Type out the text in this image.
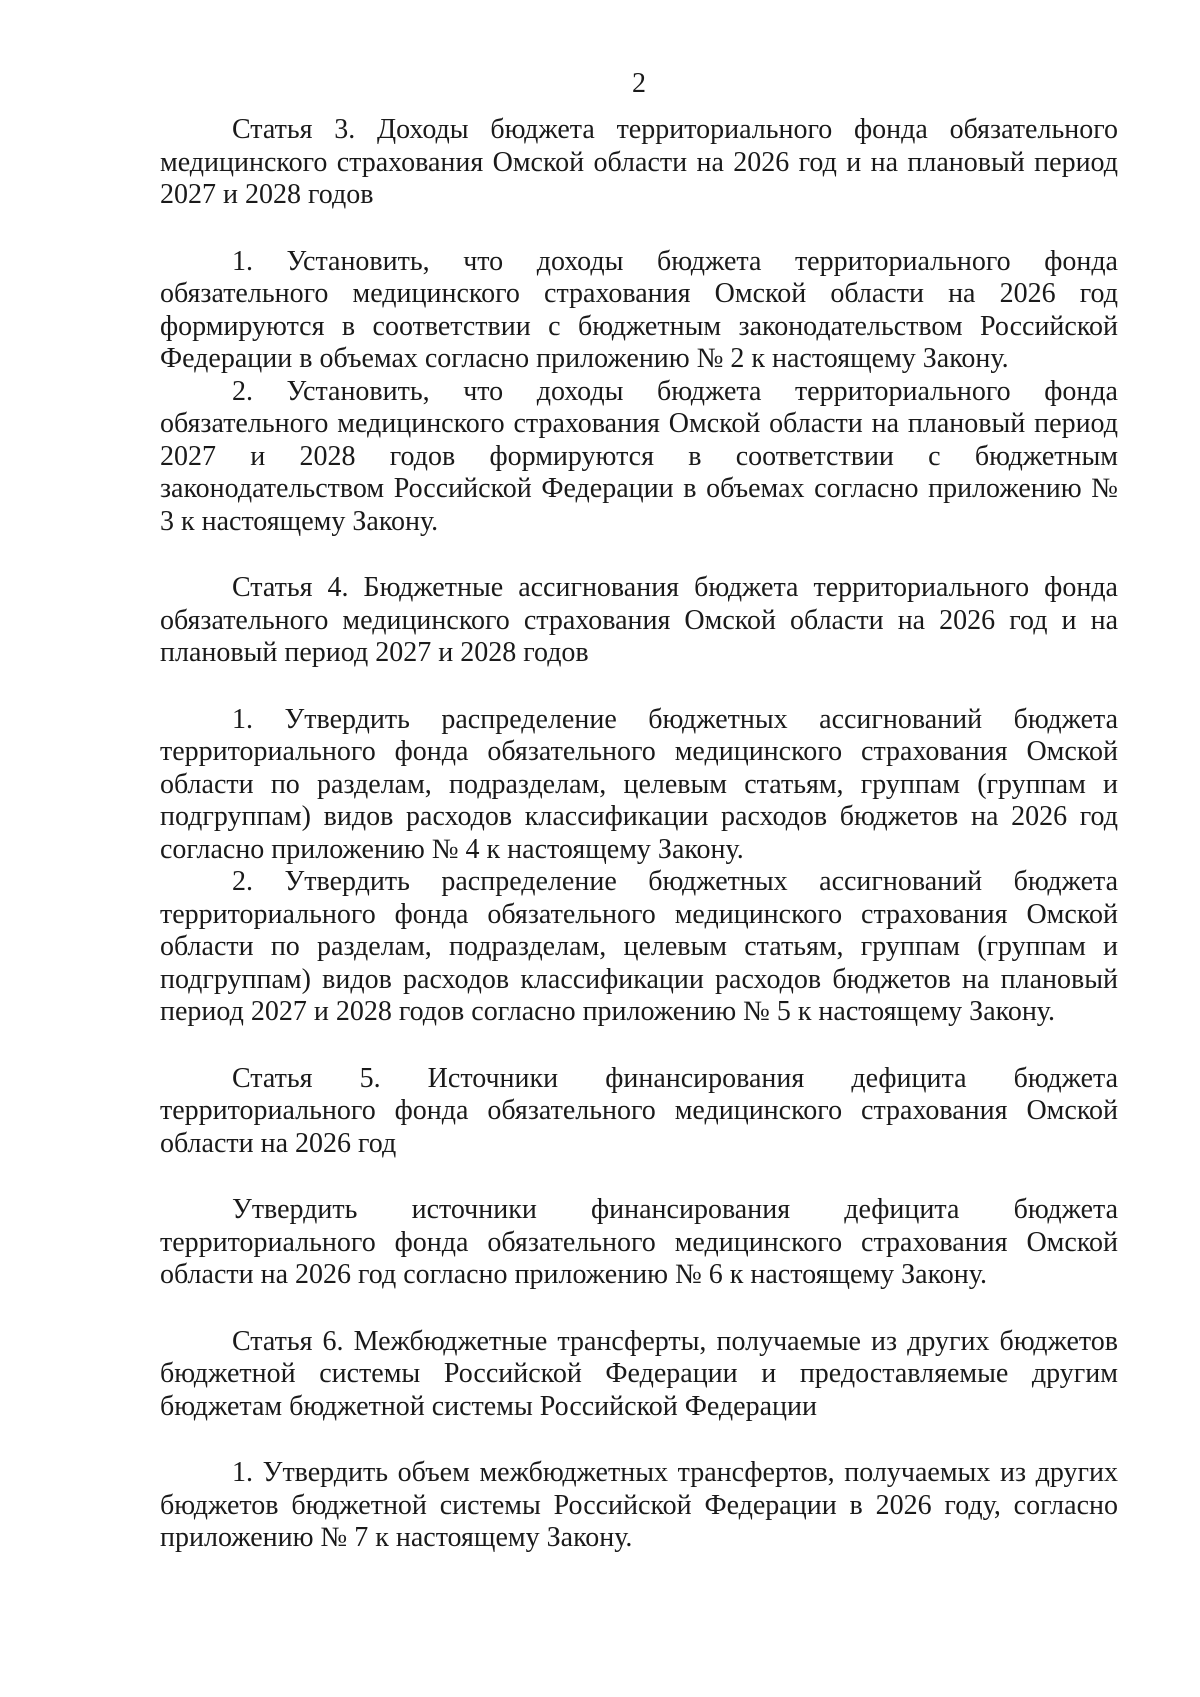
2

Статья 3. Доходы бюджета территориального фонда обязательного медицинского страхования Омской области на 2026 год и на плановый период 2027 и 2028 годов

1. Установить, что доходы бюджета территориального фонда обязательного медицинского страхования Омской области на 2026 год формируются в соответствии с бюджетным законодательством Российской Федерации в объемах согласно приложению № 2 к настоящему Закону.

2. Установить, что доходы бюджета территориального фонда обязательного медицинского страхования Омской области на плановый период 2027 и 2028 годов формируются в соответствии с бюджетным законодательством Российской Федерации в объемах согласно приложению № 3 к настоящему Закону.

Статья 4. Бюджетные ассигнования бюджета территориального фонда обязательного медицинского страхования Омской области на 2026 год и на плановый период 2027 и 2028 годов

1. Утвердить распределение бюджетных ассигнований бюджета территориального фонда обязательного медицинского страхования Омской области по разделам, подразделам, целевым статьям, группам (группам и подгруппам) видов расходов классификации расходов бюджетов на 2026 год согласно приложению № 4 к настоящему Закону.

2. Утвердить распределение бюджетных ассигнований бюджета территориального фонда обязательного медицинского страхования Омской области по разделам, подразделам, целевым статьям, группам (группам и подгруппам) видов расходов классификации расходов бюджетов на плановый период 2027 и 2028 годов согласно приложению № 5 к настоящему Закону.

Статья 5. Источники финансирования дефицита бюджета территориального фонда обязательного медицинского страхования Омской области на 2026 год

Утвердить источники финансирования дефицита бюджета территориального фонда обязательного медицинского страхования Омской области на 2026 год согласно приложению № 6 к настоящему Закону.

Статья 6. Межбюджетные трансферты, получаемые из других бюджетов бюджетной системы Российской Федерации и предоставляемые другим бюджетам бюджетной системы Российской Федерации

1. Утвердить объем межбюджетных трансфертов, получаемых из других бюджетов бюджетной системы Российской Федерации в 2026 году, согласно приложению № 7 к настоящему Закону.
